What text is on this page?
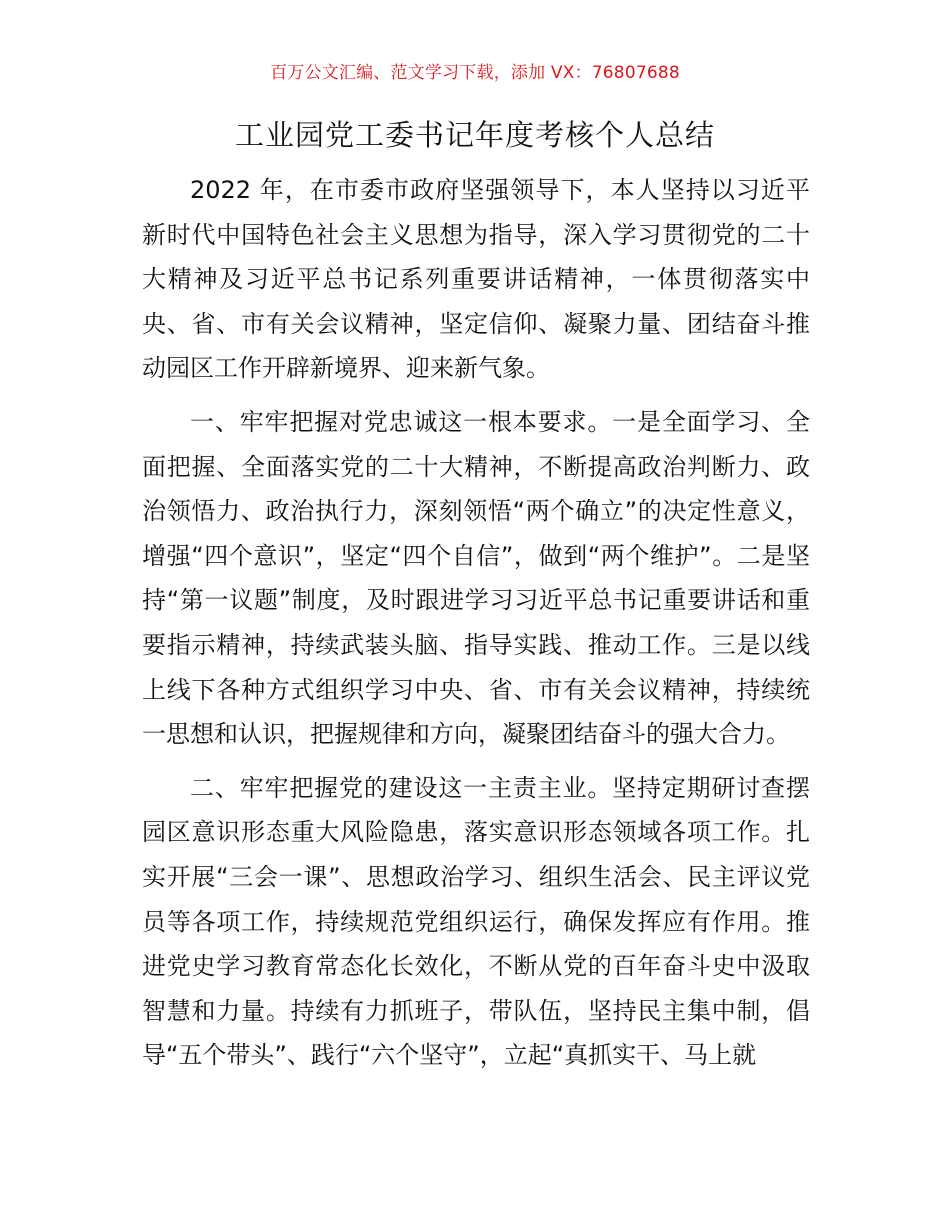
百万公文汇编、范文学习下载，添加 VX：76807688
工业园党工委书记年度考核个人总结

2022 年，在市委市政府坚强领导下，本人坚持以习近平新时代中国特色社会主义思想为指导，深入学习贯彻党的二十大精神及习近平总书记系列重要讲话精神，一体贯彻落实中央、省、市有关会议精神，坚定信仰、凝聚力量、团结奋斗推动园区工作开辟新境界、迎来新气象。

一、牢牢把握对党忠诚这一根本要求。一是全面学习、全面把握、全面落实党的二十大精神，不断提高政治判断力、政治领悟力、政治执行力，深刻领悟“两个确立”的决定性意义，增强“四个意识”，坚定“四个自信”，做到“两个维护”。二是坚持“第一议题”制度，及时跟进学习习近平总书记重要讲话和重要指示精神，持续武装头脑、指导实践、推动工作。三是以线上线下各种方式组织学习中央、省、市有关会议精神，持续统一思想和认识，把握规律和方向，凝聚团结奋斗的强大合力。

二、牢牢把握党的建设这一主责主业。坚持定期研讨查摆园区意识形态重大风险隐患，落实意识形态领域各项工作。扎实开展“三会一课”、思想政治学习、组织生活会、民主评议党员等各项工作，持续规范党组织运行，确保发挥应有作用。推进党史学习教育常态化长效化，不断从党的百年奋斗史中汲取智慧和力量。持续有力抓班子，带队伍，坚持民主集中制，倡导“五个带头”、践行“六个坚守”，立起“真抓实干、马上就
